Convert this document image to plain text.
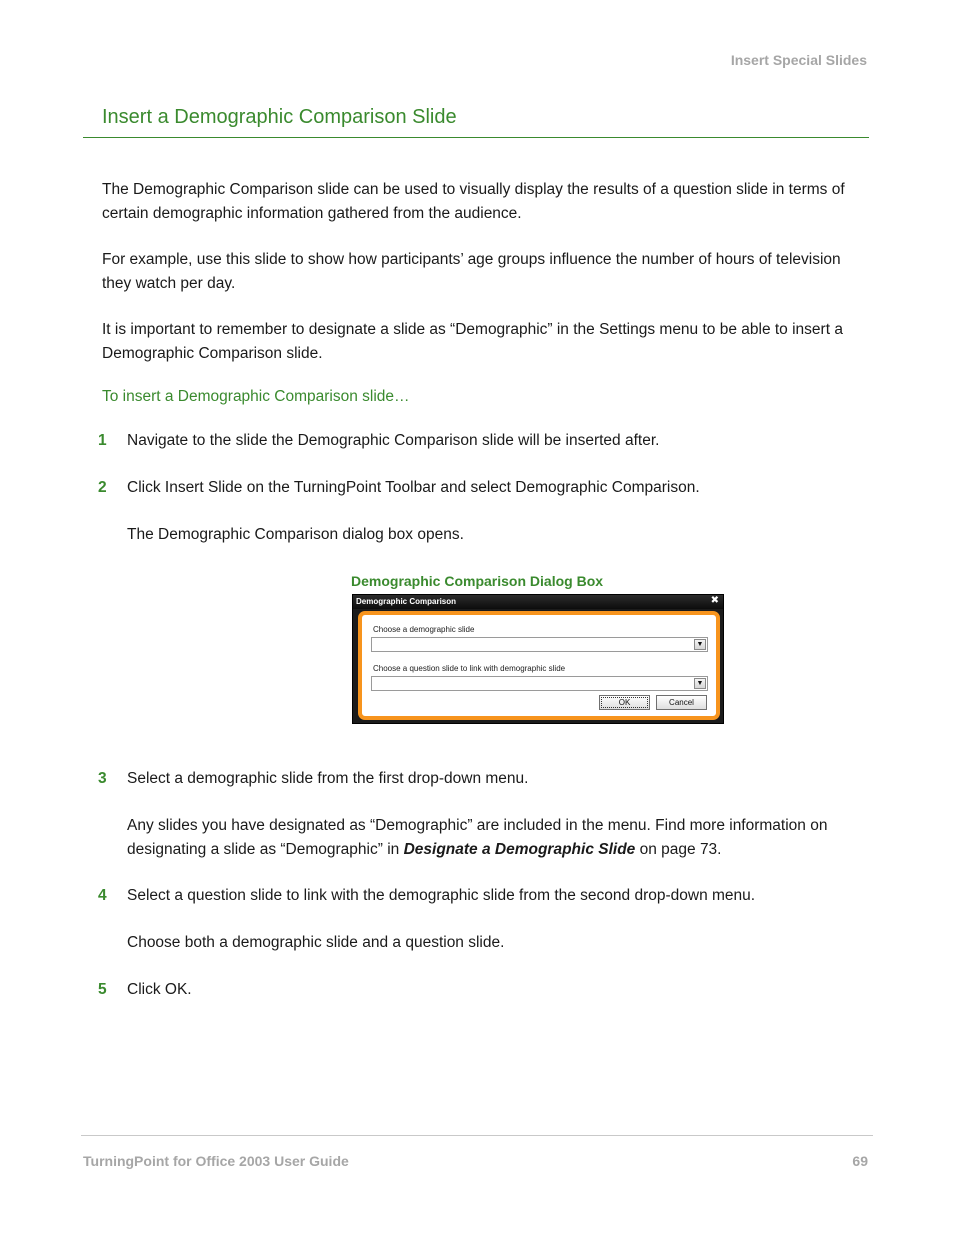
Insert Special Slides
Insert a Demographic Comparison Slide

The Demographic Comparison slide can be used to visually display the results of a question slide in terms of certain demographic information gathered from the audience.

For example, use this slide to show how participants’ age groups influence the number of hours of television they watch per day.

It is important to remember to designate a slide as “Demographic” in the Settings menu to be able to insert a Demographic Comparison slide.

To insert a Demographic Comparison slide…
1 Navigate to the slide the Demographic Comparison slide will be inserted after.
2 Click Insert Slide on the TurningPoint Toolbar and select Demographic Comparison.

The Demographic Comparison dialog box opens.

Demographic Comparison Dialog Box
Demographic Comparison	✖
Choose a demographic slide
▼
Choose a question slide to link with demographic slide
▼
OK	Cancel
3 Select a demographic slide from the first drop-down menu.

Any slides you have designated as “Demographic” are included in the menu. Find more information on designating a slide as “Demographic” in Designate a Demographic Slide on page 73.

4 Select a question slide to link with the demographic slide from the second drop-down menu.

Choose both a demographic slide and a question slide.

5 Click OK.
TurningPoint for Office 2003 User Guide	69
